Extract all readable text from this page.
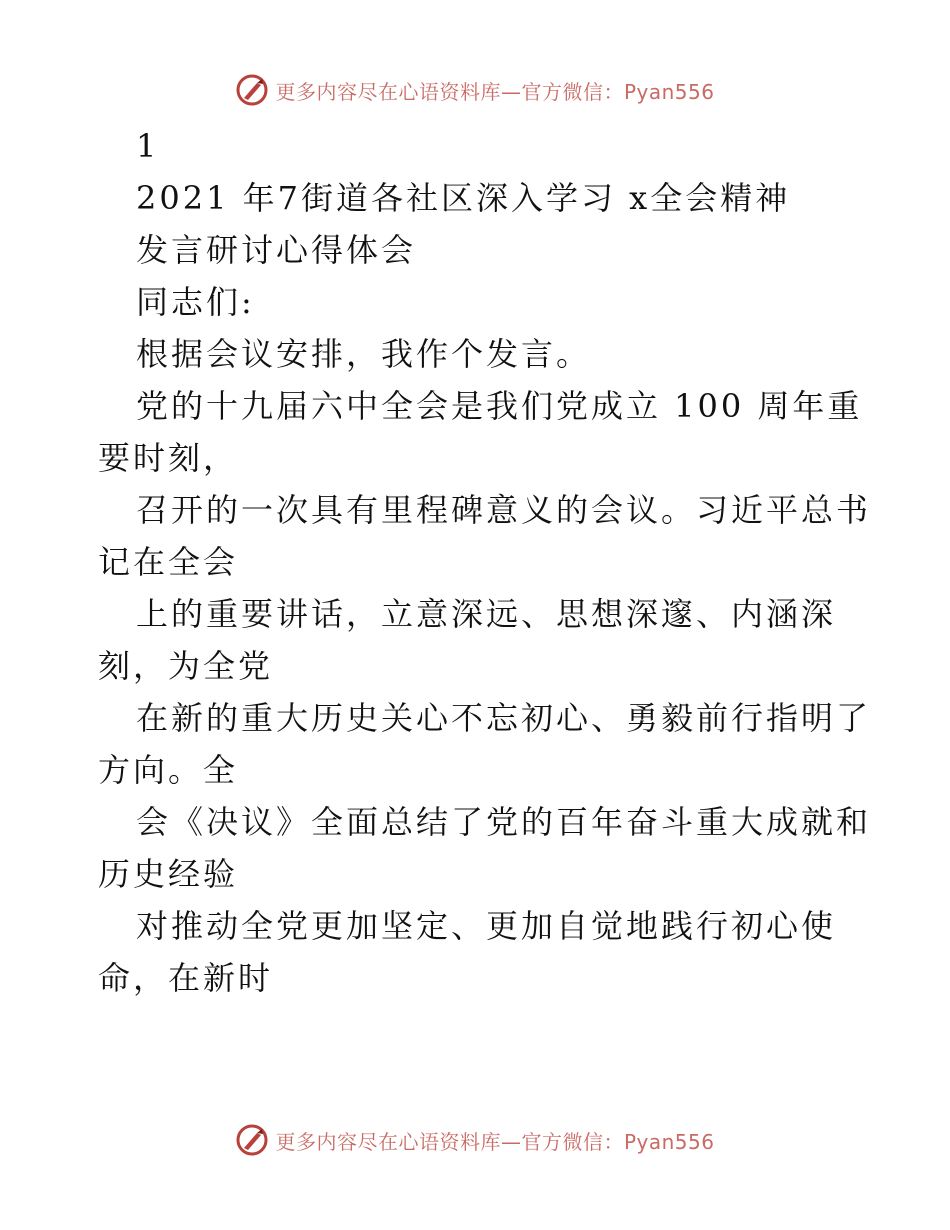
更多内容尽在心语资料库—官方微信：Pyan556
1
2021 年7街道各社区深入学习 x全会精神
发言研讨心得体会
同志们:
根据会议安排，我作个发言。
党的十九届六中全会是我们党成立 100 周年重
要时刻，
召开的一次具有里程碑意义的会议。习近平总书
记在全会
上的重要讲话，立意深远、思想深邃、内涵深
刻，为全党
在新的重大历史关心不忘初心、勇毅前行指明了
方向。全
会《决议》全面总结了党的百年奋斗重大成就和
历史经验
对推动全党更加坚定、更加自觉地践行初心使
命，在新时
更多内容尽在心语资料库—官方微信：Pyan556
